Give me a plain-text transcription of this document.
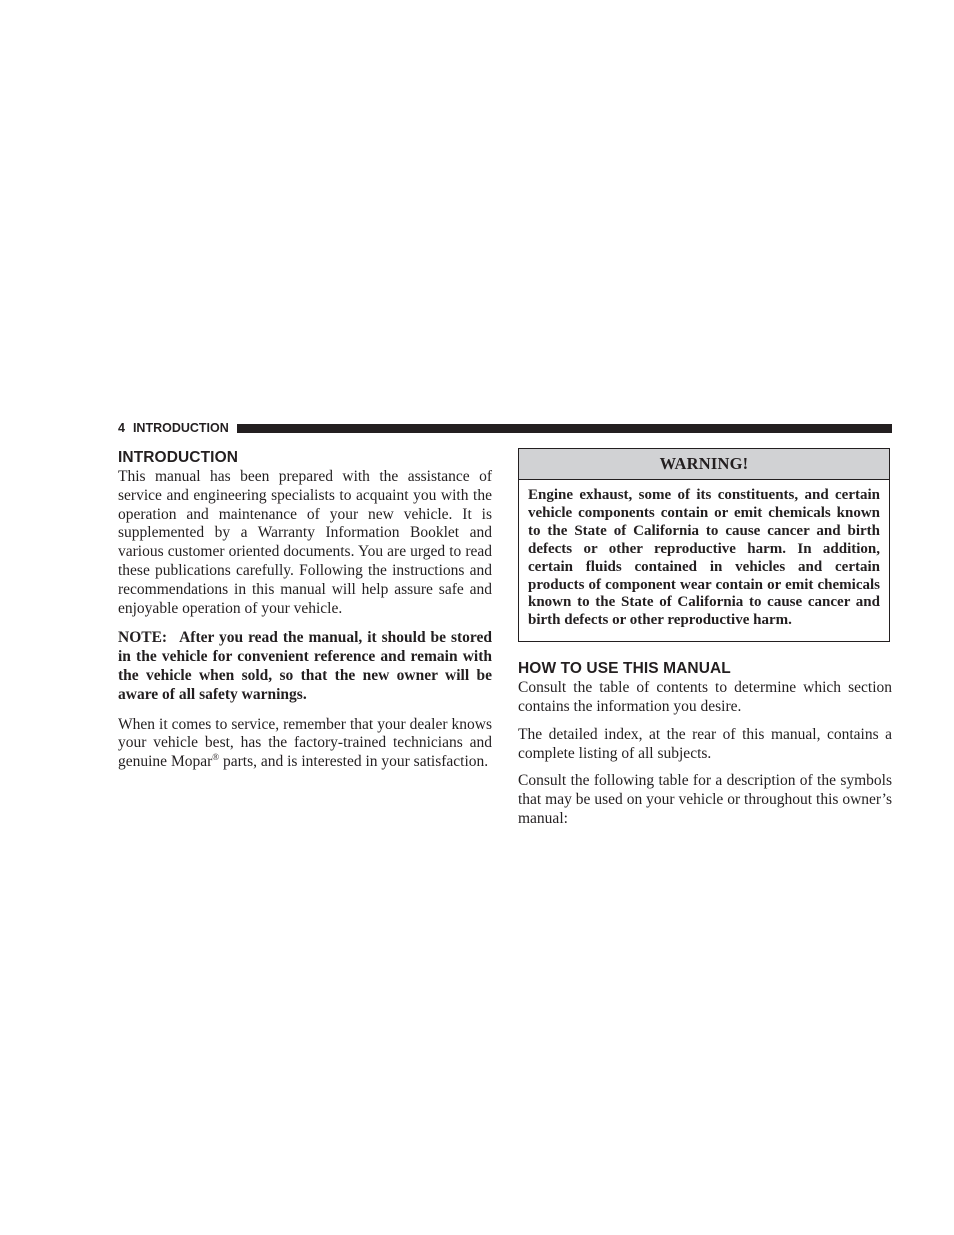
4 INTRODUCTION
INTRODUCTION

This manual has been prepared with the assistance of service and engineering specialists to acquaint you with the operation and maintenance of your new vehicle. It is supplemented by a Warranty Information Booklet and various customer oriented documents. You are urged to read these publications carefully. Following the instructions and recommendations in this manual will help assure safe and enjoyable operation of your vehicle.

NOTE: After you read the manual, it should be stored in the vehicle for convenient reference and remain with the vehicle when sold, so that the new owner will be aware of all safety warnings.

When it comes to service, remember that your dealer knows your vehicle best, has the factory-trained technicians and genuine Mopar® parts, and is interested in your satisfaction.

WARNING!
Engine exhaust, some of its constituents, and certain vehicle components contain or emit chemicals known to the State of California to cause cancer and birth defects or other reproductive harm. In addition, certain fluids contained in vehicles and certain products of component wear contain or emit chemicals known to the State of California to cause cancer and birth defects or other reproductive harm.
HOW TO USE THIS MANUAL

Consult the table of contents to determine which section contains the information you desire.

The detailed index, at the rear of this manual, contains a complete listing of all subjects.

Consult the following table for a description of the symbols that may be used on your vehicle or throughout this owner’s manual:
